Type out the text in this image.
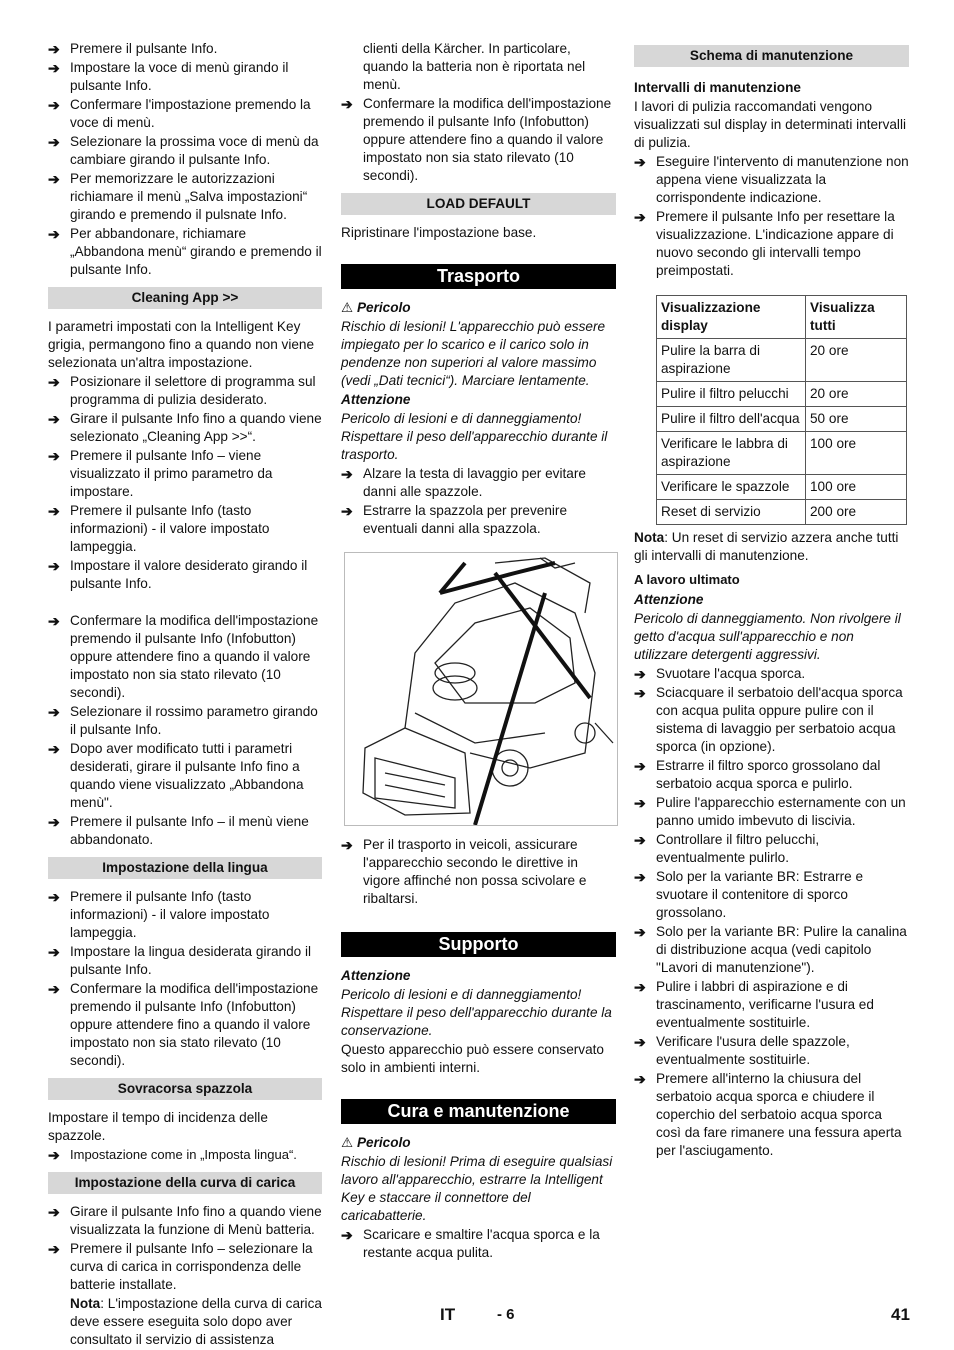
➔ Premere il pulsante Info.
➔ Impostare la voce di menù girando il pulsante Info.
➔ Confermare l'impostazione premendo la voce di menù.
➔ Selezionare la prossima voce di menù da cambiare girando il pulsante Info.
➔ Per memorizzare le autorizzazioni richiamare il menù „Salva impostazioni“ girando e premendo il pulsnate Info.
➔ Per abbandonare, richiamare „Abbandona menù“ girando e premendo il pulsante Info.
Cleaning App >>

I parametri impostati con la Intelligent Key grigia, permangono fino a quando non viene selezionata un'altra impostazione.

➔ Posizionare il selettore di programma sul programma di pulizia desiderato.
➔ Girare il pulsante Info fino a quando viene selezionato „Cleaning App >>“.
➔ Premere il pulsante Info – viene visualizzato il primo parametro da impostare.
➔ Premere il pulsante Info (tasto informazioni) - il valore impostato lampeggia.
➔ Impostare il valore desiderato girando il pulsante Info.
➔ Confermare la modifica dell'impostazione premendo il pulsante Info (Infobutton) oppure attendere fino a quando il valore impostato non sia stato rilevato (10 secondi).
➔ Selezionare il rossimo parametro girando il pulsante Info.
➔ Dopo aver modificato tutti i parametri desiderati, girare il pulsante Info fino a quando viene visualizzato „Abbandona menù".
➔ Premere il pulsante Info – il menù viene abbandonato.
Impostazione della lingua
➔ Premere il pulsante Info (tasto informazioni) - il valore impostato lampeggia.
➔ Impostare la lingua desiderata girando il pulsante Info.
➔ Confermare la modifica dell'impostazione premendo il pulsante Info (Infobutton) oppure attendere fino a quando il valore impostato non sia stato rilevato (10 secondi).
Sovracorsa spazzola

Impostare il tempo di incidenza delle spazzole.

➔ Impostazione come in „Imposta lingua“.
Impostazione della curva di carica
➔ Girare il pulsante Info fino a quando viene visualizzata la funzione di Menù batteria.
➔ Premere il pulsante Info – selezionare la curva di carica in corrispondenza delle batterie installate.

Nota: L'impostazione della curva di carica deve essere eseguita solo dopo aver consultato il servizio di assistenza

clienti della Kärcher. In particolare, quando la batteria non è riportata nel menù.

➔ Confermare la modifica dell'impostazione premendo il pulsante Info (Infobutton) oppure attendere fino a quando il valore impostato non sia stato rilevato (10 secondi).
LOAD DEFAULT

Ripristinare l'impostazione base.

Trasporto

⚠ Pericolo

Rischio di lesioni! L'apparecchio può essere impiegato per lo scarico e il carico solo in pendenze non superiori al valore massimo (vedi „Dati tecnici“). Marciare lentamente.

Attenzione

Pericolo di lesioni e di danneggiamento! Rispettare il peso dell'apparecchio durante il trasporto.

➔ Alzare la testa di lavaggio per evitare danni alle spazzole.
➔ Estrarre la spazzola per prevenire eventuali danni alla spazzola.
➔ Per il trasporto in veicoli, assicurare l'apparecchio secondo le direttive in vigore affinché non possa scivolare e ribaltarsi.
Supporto

Attenzione

Pericolo di lesioni e di danneggiamento! Rispettare il peso dell'apparecchio durante la conservazione.

Questo apparecchio può essere conservato solo in ambienti interni.

Cura e manutenzione

⚠ Pericolo

Rischio di lesioni! Prima di eseguire qualsiasi lavoro all'apparecchio, estrarre la Intelligent Key e staccare il connettore del caricabatterie.

➔ Scaricare e smaltire l'acqua sporca e la restante acqua pulita.
Schema di manutenzione

Intervalli di manutenzione

I lavori di pulizia raccomandati vengono visualizzati sul display in determinati intervalli di pulizia.

➔ Eseguire l'intervento di manutenzione non appena viene visualizzata la corrispondente indicazione.
➔ Premere il pulsante Info per resettare la visualizzazione. L'indicazione appare di nuovo secondo gli intervalli tempo preimpostati.
Visualizzazione display	Visualizza tutti
Pulire la barra di aspirazione	20 ore
Pulire il filtro pelucchi	20 ore
Pulire il filtro dell'acqua	50 ore
Verificare le labbra di aspirazione	100 ore
Verificare le spazzole	100 ore
Reset di servizio	200 ore

Nota: Un reset di servizio azzera anche tutti gli intervalli di manutenzione.

A lavoro ultimato

Attenzione

Pericolo di danneggiamento. Non rivolgere il getto d'acqua sull'apparecchio e non utilizzare detergenti aggressivi.

➔ Svuotare l'acqua sporca.
➔ Sciacquare il serbatoio dell'acqua sporca con acqua pulita oppure pulire con il sistema di lavaggio per serbatoio acqua sporca (in opzione).
➔ Estrarre il filtro sporco grossolano dal serbatoio acqua sporca e pulirlo.
➔ Pulire l'apparecchio esternamente con un panno umido imbevuto di liscivia.
➔ Controllare il filtro pelucchi, eventualmente pulirlo.
➔ Solo per la variante BR: Estrarre e svuotare il contenitore di sporco grossolano.
➔ Solo per la variante BR: Pulire la canalina di distribuzione acqua (vedi capitolo "Lavori di manutenzione").
➔ Pulire i labbri di aspirazione e di trascinamento, verificarne l'usura ed eventualmente sostituirle.
➔ Verificare l'usura delle spazzole, eventualmente sostituirle.
➔ Premere all'interno la chiusura del serbatoio acqua sporca e chiudere il coperchio del serbatoio acqua sporca così da fare rimanere una fessura aperta per l'asciugamento.
IT	- 6	41
